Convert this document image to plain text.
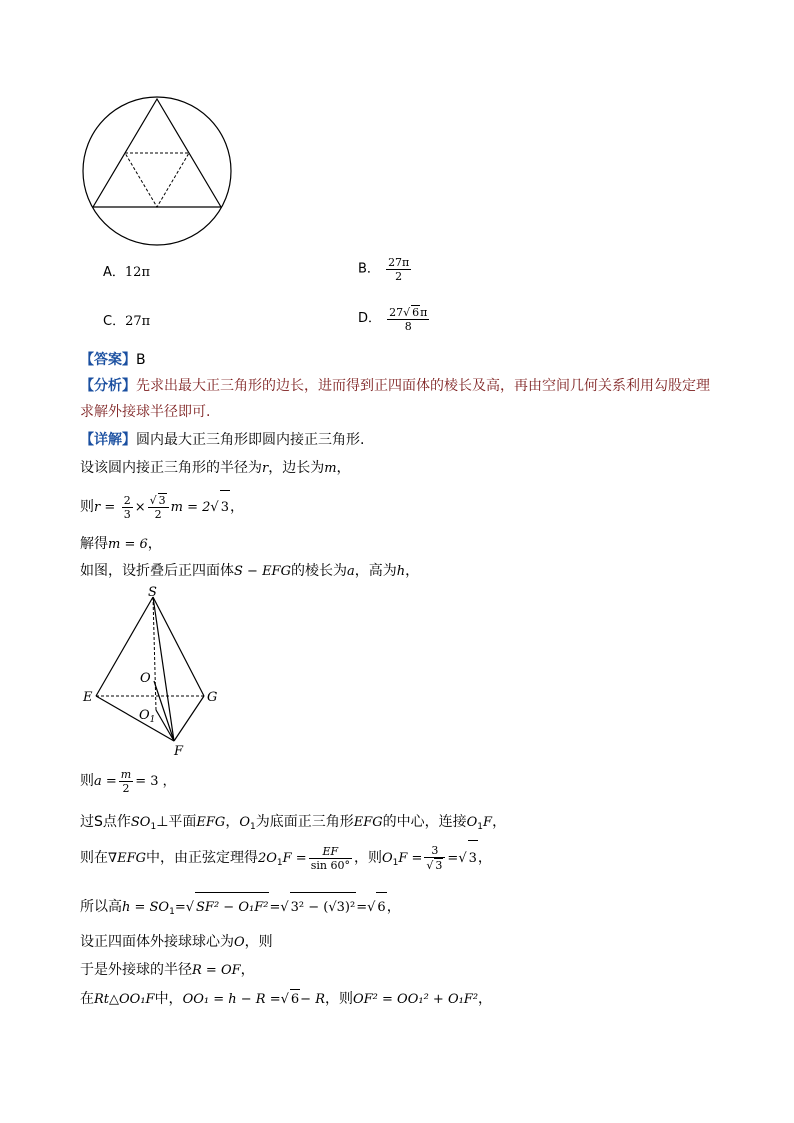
A．12π	B． $\frac{27\pi}{2}$
C．27π	D． $\frac{27√ 6\pi}{8}$
【答案】B
【分析】先求出最大正三角形的边长，进而得到正四面体的棱长及高，再由空间几何关系利用勾股定理
求解外接球半径即可.
【详解】圆内最大正三角形即圆内接正三角形.
设该圆内接正三角形的半径为r，边长为m，
则$r = \frac{2}{3} \times \frac{√ 3}{2}$ m = 2√ 3，
解得m = 6，
如图，设折叠后正四面体S − EFG的棱长为a，高为h，
S
E	G
F
O
$O_1$
则$a = \frac{m}{2} = 3$ ，
过S点作$SO_1\perp$平面EFG，$O_1$为底面正三角形EFG的中心，连接$O_1F$，
则在∇EFG中，由正弦定理得$2O_1F = \frac{EF}{\sin 60^\circ}$ ，则$O_1F = \frac{3}{√ 3}$ =√ 3，
所以高$h = SO_1=√$ SF² − O₁F²=√ 3² − (√3)²=√ 6，
设正四面体外接球球心为O，则
于是外接球的半径R = OF，
在Rt△OO₁F中，OO₁ = h − R =√ 6− R，则OF² = OO₁² + O₁F²，
